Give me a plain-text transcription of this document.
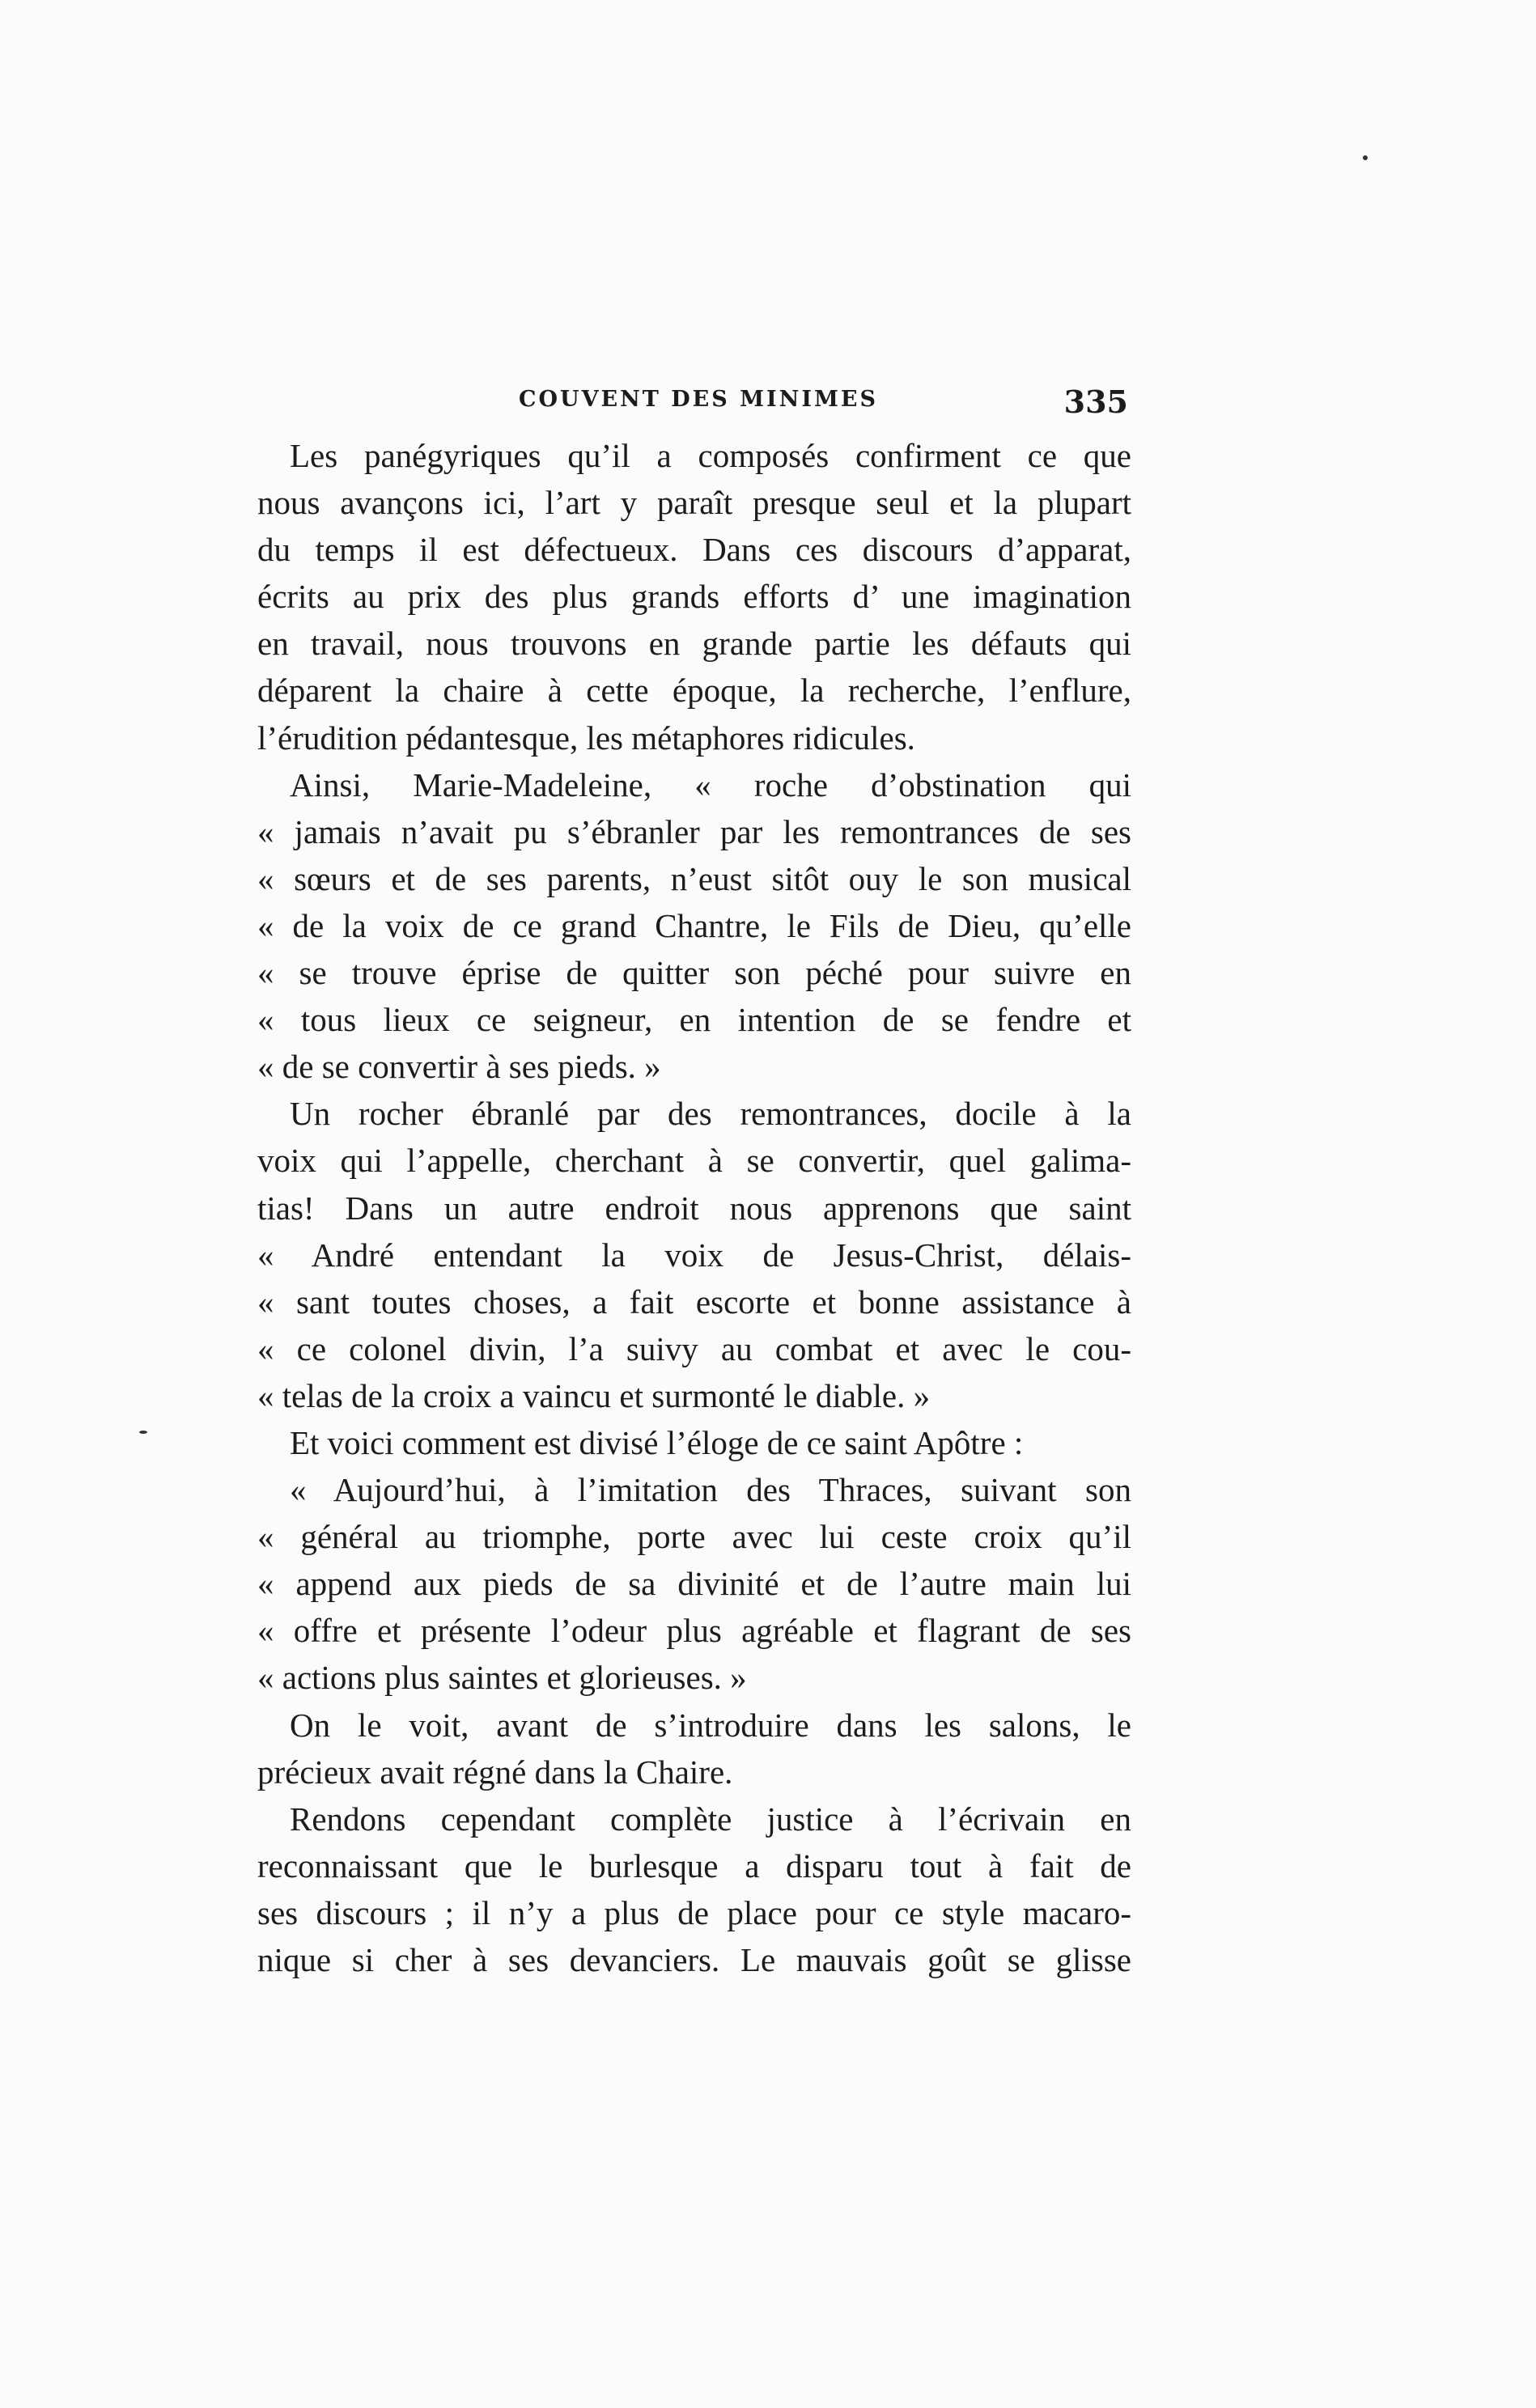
COUVENT DES MINIMES	335
Les panégyriques qu’il a composés confirment ce que
nous avançons ici, l’art y paraît presque seul et la plupart
du temps il est défectueux. Dans ces discours d’apparat,
écrits au prix des plus grands efforts d’ une imagination
en travail, nous trouvons en grande partie les défauts qui
déparent la chaire à cette époque, la recherche, l’enflure,
l’érudition pédantesque, les métaphores ridicules.
Ainsi, Marie-Madeleine, « roche d’obstination qui
« jamais n’avait pu s’ébranler par les remontrances de ses
« sœurs et de ses parents, n’eust sitôt ouy le son musical
« de la voix de ce grand Chantre, le Fils de Dieu, qu’elle
« se trouve éprise de quitter son péché pour suivre en
« tous lieux ce seigneur, en intention de se fendre et
« de se convertir à ses pieds. »
Un rocher ébranlé par des remontrances, docile à la
voix qui l’appelle, cherchant à se convertir, quel galima-
tias! Dans un autre endroit nous apprenons que saint
« André entendant la voix de Jesus-Christ, délais-
« sant toutes choses, a fait escorte et bonne assistance à
« ce colonel divin, l’a suivy au combat et avec le cou-
« telas de la croix a vaincu et surmonté le diable. »
Et voici comment est divisé l’éloge de ce saint Apôtre :
« Aujourd’hui, à l’imitation des Thraces, suivant son
« général au triomphe, porte avec lui ceste croix qu’il
« append aux pieds de sa divinité et de l’autre main lui
« offre et présente l’odeur plus agréable et flagrant de ses
« actions plus saintes et glorieuses. »
On le voit, avant de s’introduire dans les salons, le
précieux avait régné dans la Chaire.
Rendons cependant complète justice à l’écrivain en
reconnaissant que le burlesque a disparu tout à fait de
ses discours ; il n’y a plus de place pour ce style macaro-
nique si cher à ses devanciers. Le mauvais goût se glisse
